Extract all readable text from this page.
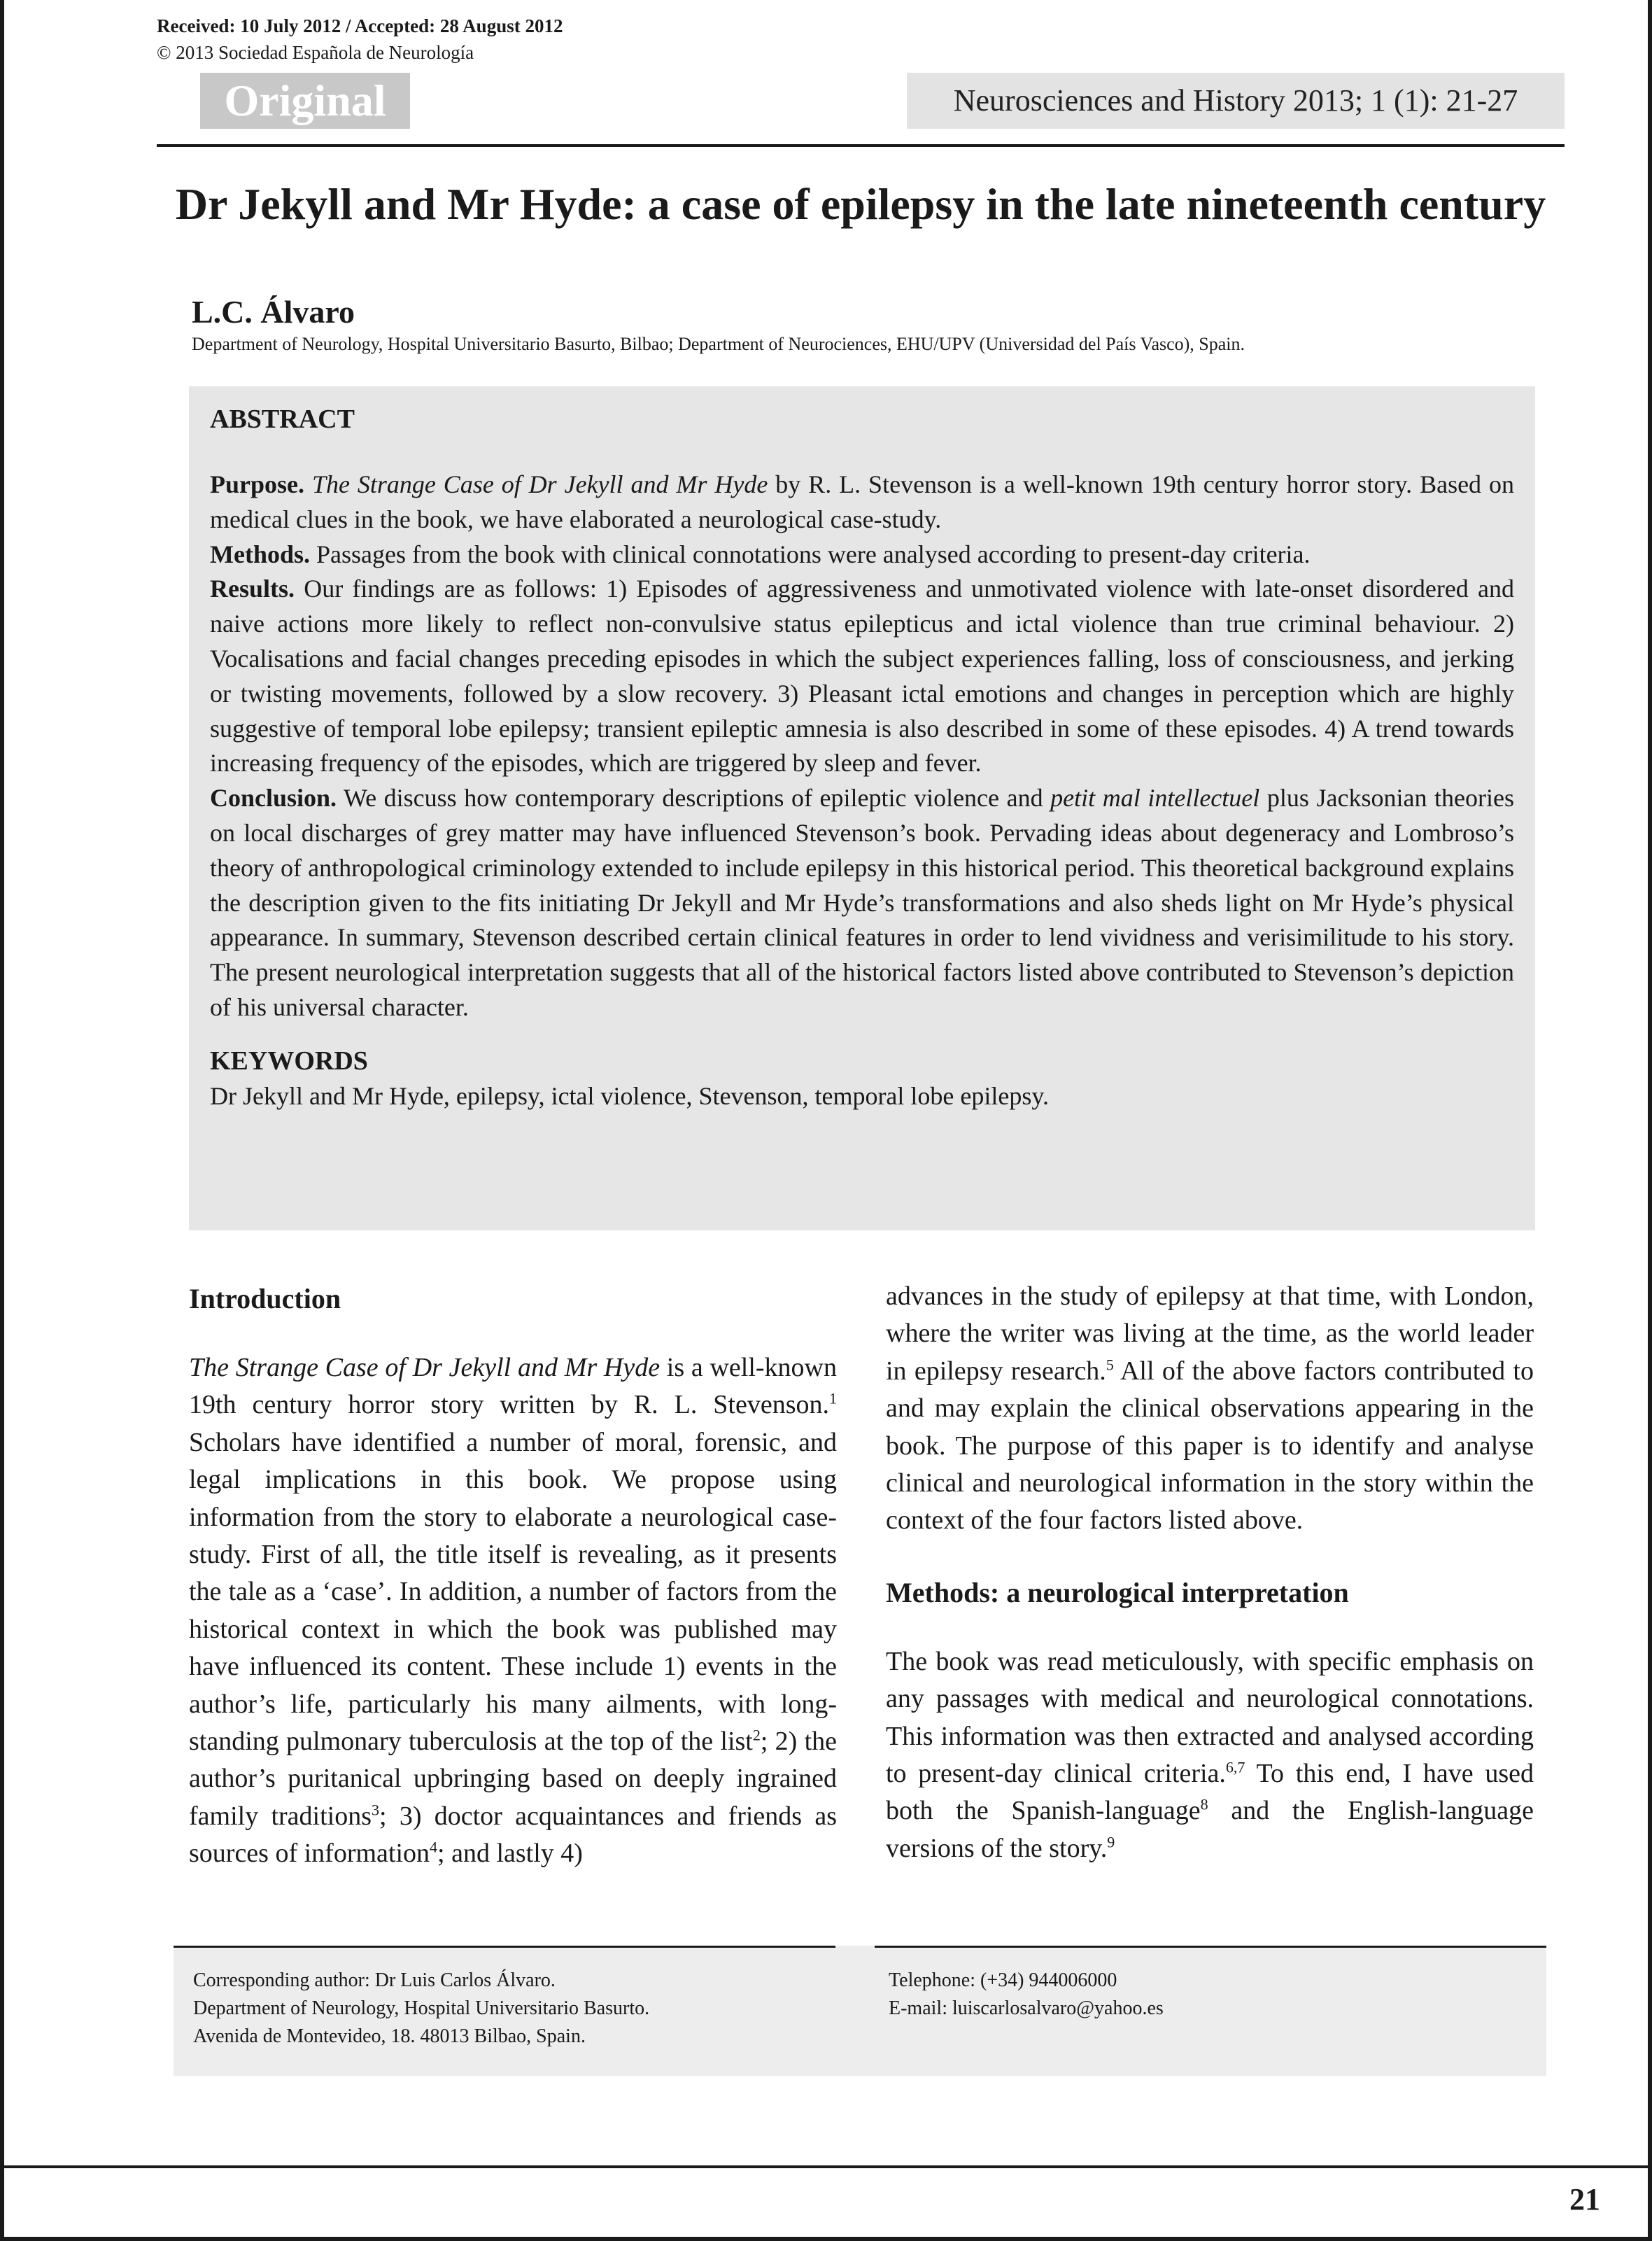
Received: 10 July 2012 / Accepted: 28 August 2012
© 2013 Sociedad Española de Neurología
Original	Neurosciences and History 2013; 1 (1): 21-27
Dr Jekyll and Mr Hyde: a case of epilepsy in the late nineteenth century
L.C. Álvaro
Department of Neurology, Hospital Universitario Basurto, Bilbao; Department of Neurociences, EHU/UPV (Universidad del País Vasco), Spain.
ABSTRACT

Purpose. The Strange Case of Dr Jekyll and Mr Hyde by R. L. Stevenson is a well-known 19th century horror story. Based on medical clues in the book, we have elaborated a neurological case-study.

Methods. Passages from the book with clinical connotations were analysed according to present-day criteria.

Results. Our findings are as follows: 1) Episodes of aggressiveness and unmotivated violence with late-onset disordered and naive actions more likely to reflect non-convulsive status epilepticus and ictal violence than true criminal behaviour. 2) Vocalisations and facial changes preceding episodes in which the subject experiences falling, loss of consciousness, and jerking or twisting movements, followed by a slow recovery. 3) Pleasant ictal emotions and changes in perception which are highly suggestive of temporal lobe epilepsy; transient epileptic amnesia is also described in some of these episodes. 4) A trend towards increasing frequency of the episodes, which are triggered by sleep and fever.

Conclusion. We discuss how contemporary descriptions of epileptic violence and petit mal intellectuel plus Jacksonian theories on local discharges of grey matter may have influenced Stevenson’s book. Pervading ideas about degeneracy and Lombroso’s theory of anthropological criminology extended to include epilepsy in this historical period. This theoretical background explains the description given to the fits initiating Dr Jekyll and Mr Hyde’s transformations and also sheds light on Mr Hyde’s physical appearance. In summary, Stevenson described certain clinical features in order to lend vividness and verisimilitude to his story. The present neurological interpretation suggests that all of the historical factors listed above contributed to Stevenson’s depiction of his universal character.

KEYWORDS
Dr Jekyll and Mr Hyde, epilepsy, ictal violence, Stevenson, temporal lobe epilepsy.
Introduction

The Strange Case of Dr Jekyll and Mr Hyde is a well-known 19th century horror story written by R. L. Stevenson.$^1$ Scholars have identified a number of moral, forensic, and legal implications in this book. We propose using information from the story to elaborate a neurological case-study. First of all, the title itself is revealing, as it presents the tale as a ‘case’. In addition, a number of factors from the historical context in which the book was published may have influenced its content. These include 1) events in the author’s life, particularly his many ailments, with long-standing pulmonary tuberculosis at the top of the list$^2$; 2) the author’s puritanical upbringing based on deeply ingrained family traditions$^3$; 3) doctor acquaintances and friends as sources of information$^4$; and lastly 4)

advances in the study of epilepsy at that time, with London, where the writer was living at the time, as the world leader in epilepsy research.$^5$ All of the above factors contributed to and may explain the clinical observations appearing in the book. The purpose of this paper is to identify and analyse clinical and neurological information in the story within the context of the four factors listed above.

Methods: a neurological interpretation

The book was read meticulously, with specific emphasis on any passages with medical and neurological connotations. This information was then extracted and analysed according to present-day clinical criteria.$^{6,7}$ To this end, I have used both the Spanish-language$^8$ and the English-language versions of the story.$^9$

Corresponding author: Dr Luis Carlos Álvaro.
Department of Neurology, Hospital Universitario Basurto.
Avenida de Montevideo, 18. 48013 Bilbao, Spain.
Telephone: (+34) 944006000
E-mail: luiscarlosalvaro@yahoo.es
21
